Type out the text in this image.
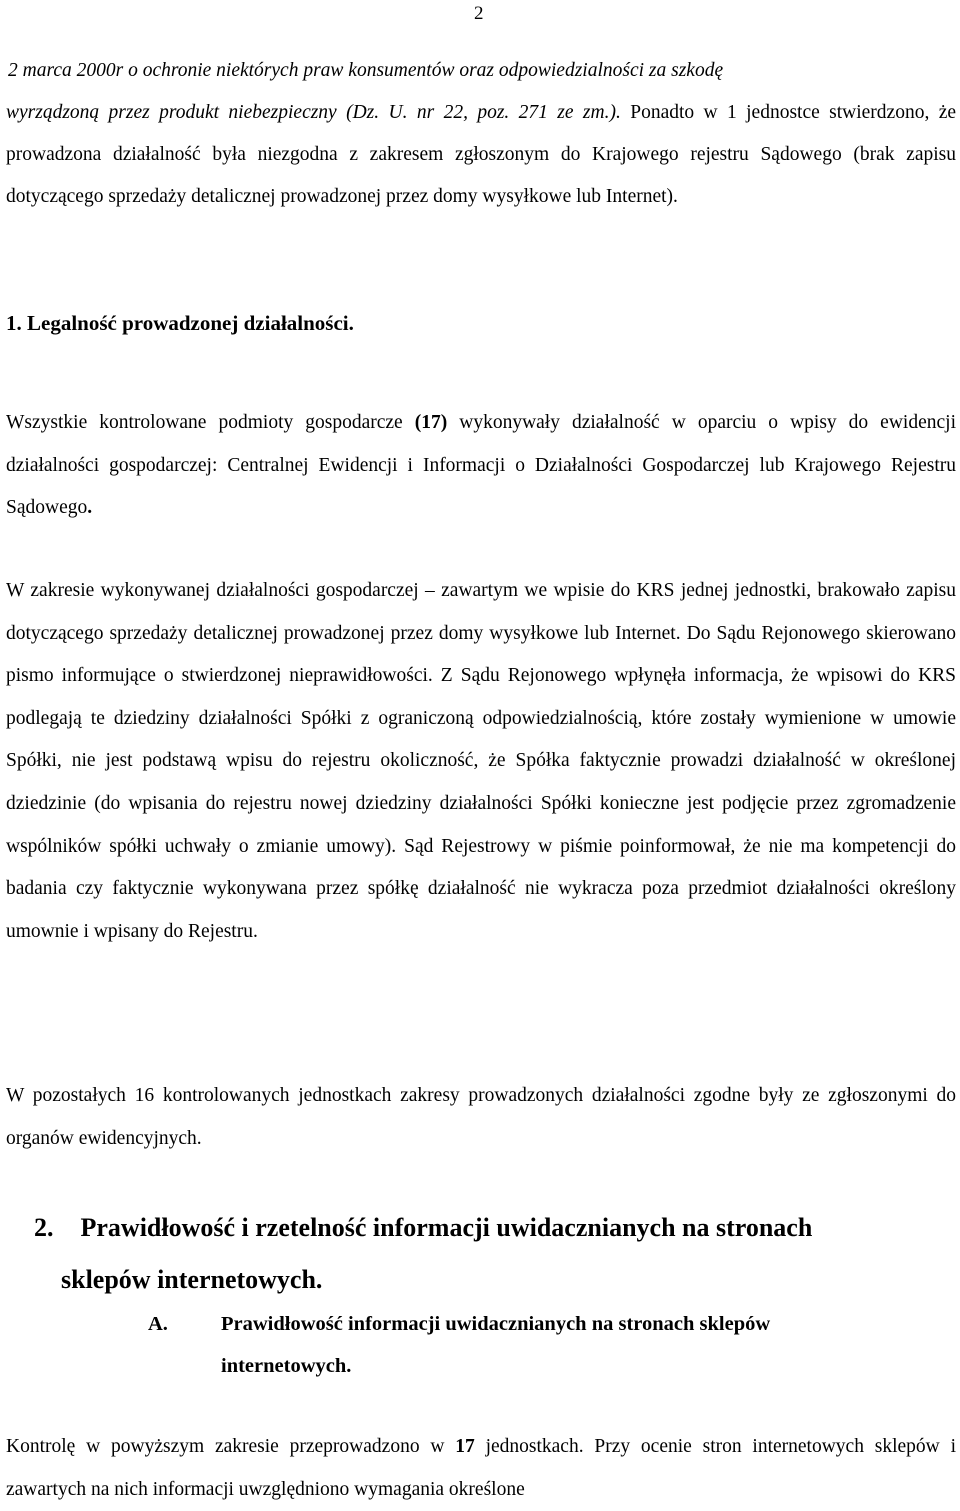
2

2 marca 2000r o ochronie niektórych praw konsumentów oraz odpowiedzialności za szkodę
wyrządzoną przez produkt niebezpieczny (Dz. U. nr 22, poz. 271 ze zm.). Ponadto w 1 jednostce stwierdzono, że prowadzona działalność była niezgodna z zakresem zgłoszonym do Krajowego rejestru Sądowego (brak zapisu dotyczącego sprzedaży detalicznej prowadzonej przez domy wysyłkowe lub Internet).

1. Legalność prowadzonej działalności.

Wszystkie kontrolowane podmioty gospodarcze (17) wykonywały działalność w oparciu o wpisy do ewidencji działalności gospodarczej: Centralnej Ewidencji i Informacji o Działalności Gospodarczej lub Krajowego Rejestru Sądowego.

W zakresie wykonywanej działalności gospodarczej – zawartym we wpisie do KRS jednej jednostki, brakowało zapisu dotyczącego sprzedaży detalicznej prowadzonej przez domy wysyłkowe lub Internet. Do Sądu Rejonowego skierowano pismo informujące o stwierdzonej nieprawidłowości. Z Sądu Rejonowego wpłynęła informacja, że wpisowi do KRS podlegają te dziedziny działalności Spółki z ograniczoną odpowiedzialnością, które zostały wymienione w umowie Spółki, nie jest podstawą wpisu do rejestru okoliczność, że Spółka faktycznie prowadzi działalność w określonej dziedzinie (do wpisania do rejestru nowej dziedziny działalności Spółki konieczne jest podjęcie przez zgromadzenie wspólników spółki uchwały o zmianie umowy). Sąd Rejestrowy w piśmie poinformował, że nie ma kompetencji do badania czy faktycznie wykonywana przez spółkę działalność nie wykracza poza przedmiot działalności określony umownie i wpisany do Rejestru.

W pozostałych 16 kontrolowanych jednostkach zakresy prowadzonych działalności zgodne były ze zgłoszonymi do organów ewidencyjnych.

2. Prawidłowość i rzetelność informacji uwidacznianych na stronach
sklepów internetowych.
A.	Prawidłowość informacji uwidacznianych na stronach sklepów
internetowych.

Kontrolę w powyższym zakresie przeprowadzono w 17 jednostkach. Przy ocenie stron internetowych sklepów i zawartych na nich informacji uwzględniono wymagania określone
